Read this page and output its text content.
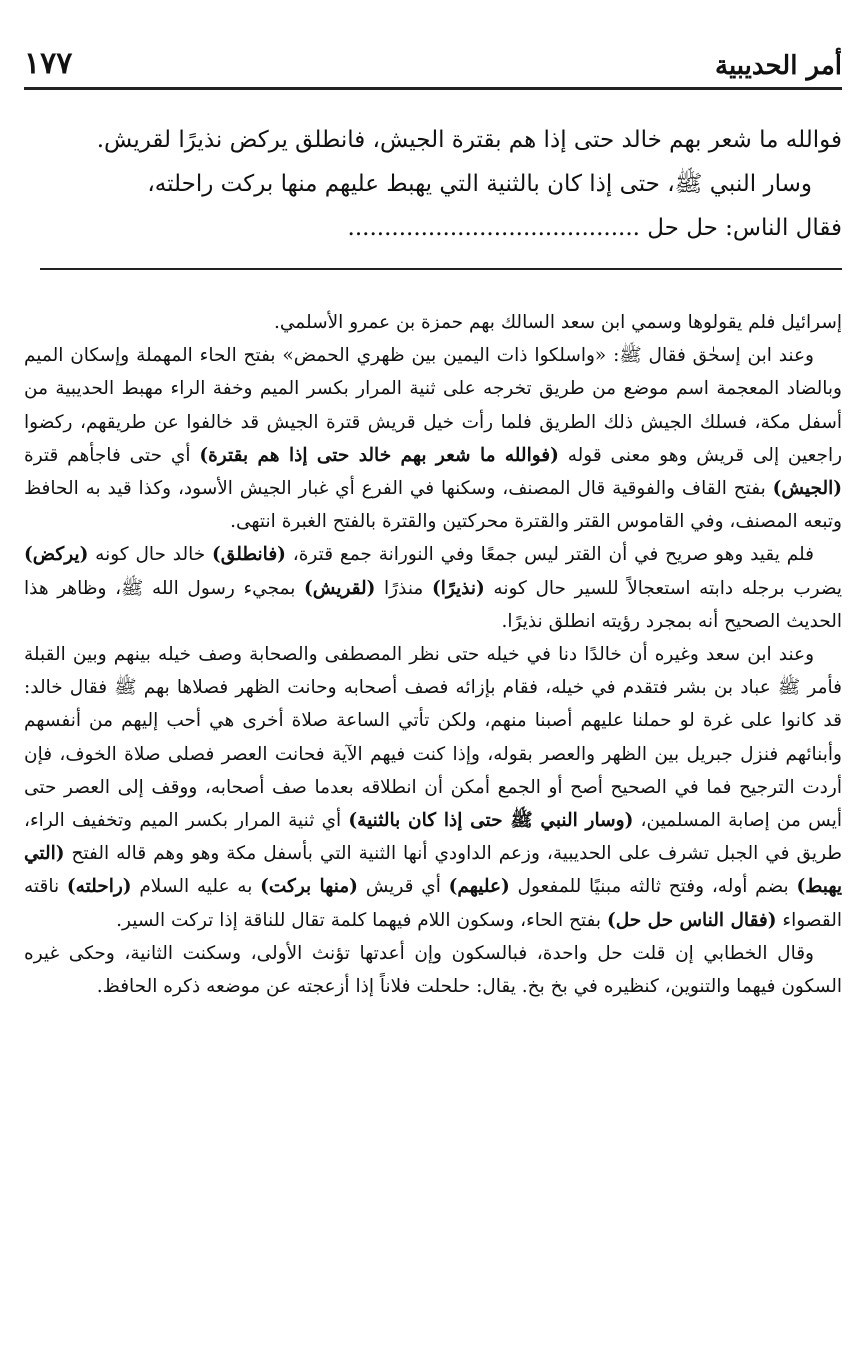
١٧٧	أمر الحديبية

فوالله ما شعر بهم خالد حتى إذا هم بقترة الجيش، فانطلق يركض نذيرًا لقريش.

وسار النبي ﷺ، حتى إذا كان بالثنية التي يهبط عليهم منها بركت راحلته،

فقال الناس: حل حل ........................................

إسرائيل فلم يقولوها وسمي ابن سعد السالك بهم حمزة بن عمرو الأسلمي.

وعند ابن إسحٰق فقال ﷺ: «واسلكوا ذات اليمين بين ظهري الحمض» بفتح الحاء المهملة وإسكان الميم وبالضاد المعجمة اسم موضع من طريق تخرجه على ثنية المرار بكسر الميم وخفة الراء مهبط الحديبية من أسفل مكة، فسلك الجيش ذلك الطريق فلما رأت خيل قريش قترة الجيش قد خالفوا عن طريقهم، ركضوا راجعين إلى قريش وهو معنى قوله (فوالله ما شعر بهم خالد حتى إذا هم بقترة) أي حتى فاجأهم قترة (الجيش) بفتح القاف والفوقية قال المصنف، وسكنها في الفرع أي غبار الجيش الأسود، وكذا قيد به الحافظ وتبعه المصنف، وفي القاموس القتر والقترة محركتين والقترة بالفتح الغبرة انتهى.

فلم يقيد وهو صريح في أن القتر ليس جمعًا وفي النورانة جمع قترة، (فانطلق) خالد حال كونه (يركض) يضرب برجله دابته استعجالاً للسير حال كونه (نذيرًا) منذرًا (لقريش) بمجيء رسول الله ﷺ، وظاهر هذا الحديث الصحيح أنه بمجرد رؤيته انطلق نذيرًا.

وعند ابن سعد وغيره أن خالدًا دنا في خيله حتى نظر المصطفى والصحابة وصف خيله بينهم وبين القبلة فأمر ﷺ عباد بن بشر فتقدم في خيله، فقام بإزائه فصف أصحابه وحانت الظهر فصلاها بهم ﷺ فقال خالد: قد كانوا على غرة لو حملنا عليهم أصبنا منهم، ولكن تأتي الساعة صلاة أخرى هي أحب إليهم من أنفسهم وأبنائهم فنزل جبريل بين الظهر والعصر بقوله، وإذا كنت فيهم الآية فحانت العصر فصلى صلاة الخوف، فإن أردت الترجيح فما في الصحيح أصح أو الجمع أمكن أن انطلاقه بعدما صف أصحابه، ووقف إلى العصر حتى أيس من إصابة المسلمين، (وسار النبي ﷺ حتى إذا كان بالثنية) أي ثنية المرار بكسر الميم وتخفيف الراء، طريق في الجبل تشرف على الحديبية، وزعم الداودي أنها الثنية التي بأسفل مكة وهو وهم قاله الفتح (التي يهبط) بضم أوله، وفتح ثالثه مبنيًا للمفعول (عليهم) أي قريش (منها بركت) به عليه السلام (راحلته) ناقته القصواء (فقال الناس حل حل) بفتح الحاء، وسكون اللام فيهما كلمة تقال للناقة إذا تركت السير.

وقال الخطابي إن قلت حل واحدة، فبالسكون وإن أعدتها تؤنث الأولى، وسكنت الثانية، وحكى غيره السكون فيهما والتنوين، كنظيره في بخ بخ. يقال: حلحلت فلاناً إذا أزعجته عن موضعه ذكره الحافظ.
